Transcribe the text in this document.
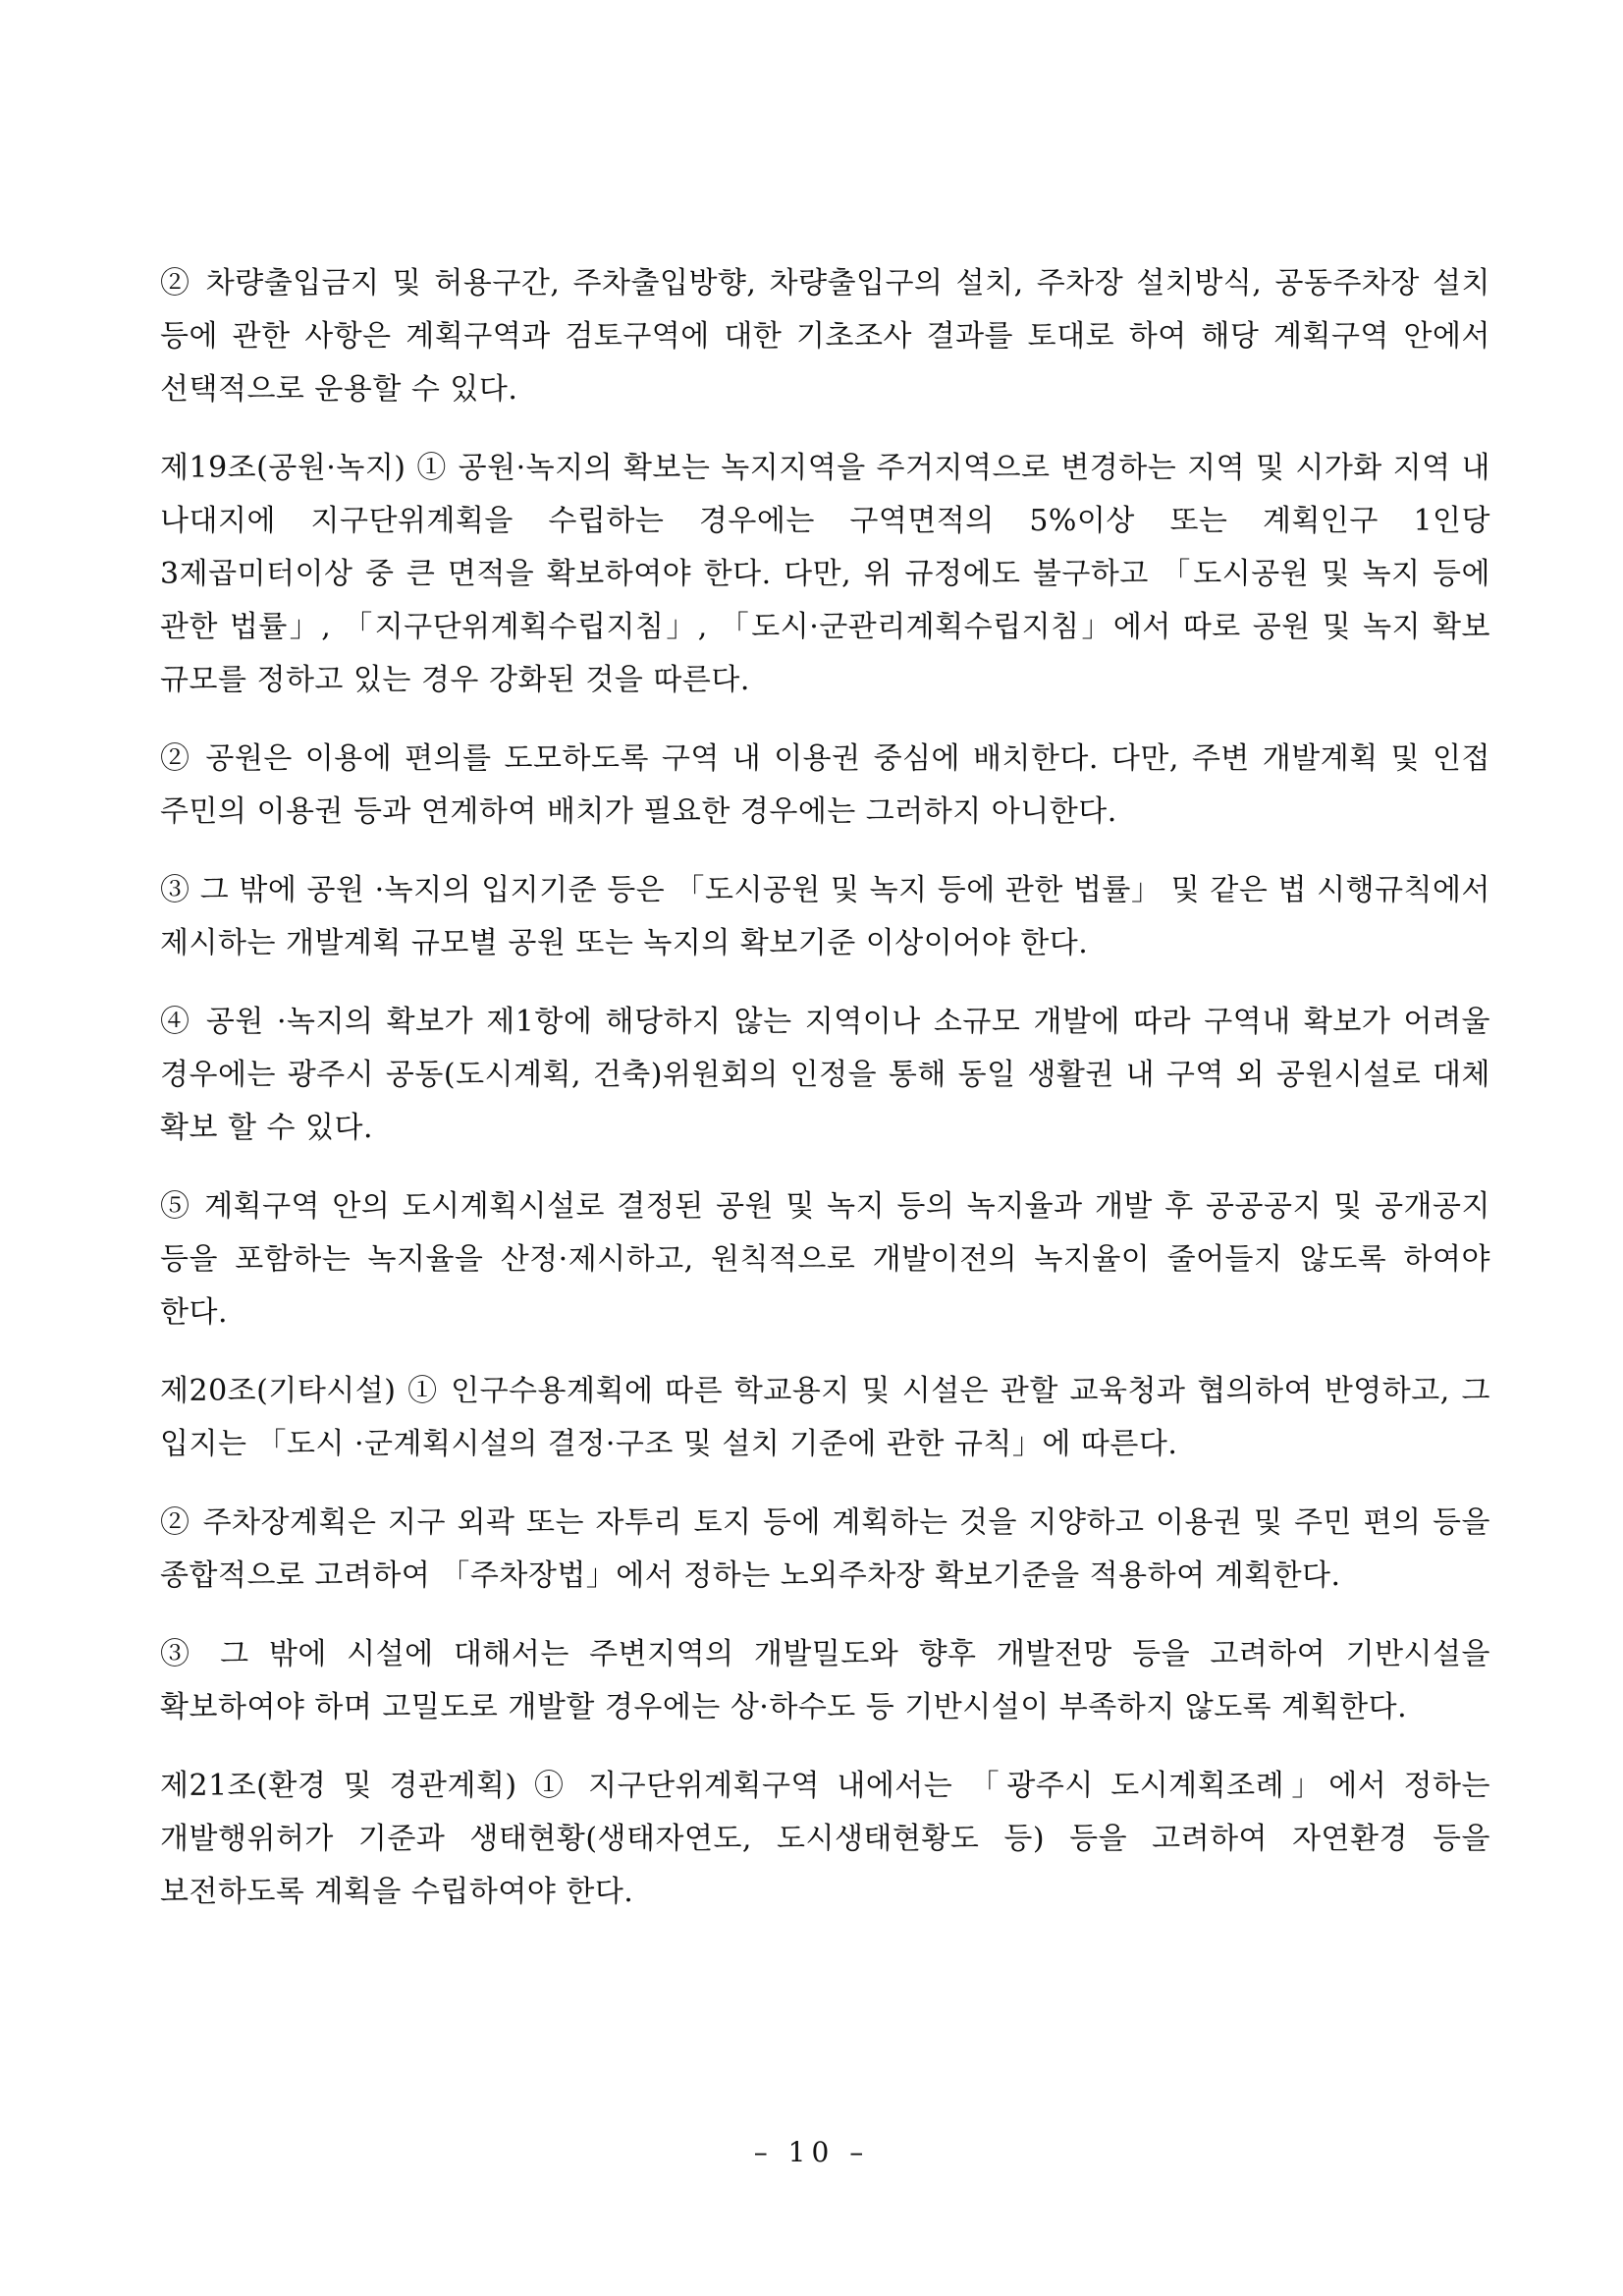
② 차량출입금지 및 허용구간, 주차출입방향, 차량출입구의 설치, 주차장 설치방식, 공동주차장 설치 등에 관한 사항은 계획구역과 검토구역에 대한 기초조사 결과를 토대로 하여 해당 계획구역 안에서 선택적으로 운용할 수 있다.

제19조(공원·녹지) ① 공원·녹지의 확보는 녹지지역을 주거지역으로 변경하는 지역 및 시가화 지역 내 나대지에 지구단위계획을 수립하는 경우에는 구역면적의 5%이상 또는 계획인구 1인당 3제곱미터이상 중 큰 면적을 확보하여야 한다. 다만, 위 규정에도 불구하고 「도시공원 및 녹지 등에 관한 법률」, 「지구단위계획수립지침」, 「도시·군관리계획수립지침」에서 따로 공원 및 녹지 확보 규모를 정하고 있는 경우 강화된 것을 따른다.

② 공원은 이용에 편의를 도모하도록 구역 내 이용권 중심에 배치한다. 다만, 주변 개발계획 및 인접 주민의 이용권 등과 연계하여 배치가 필요한 경우에는 그러하지 아니한다.

③ 그 밖에 공원 ·녹지의 입지기준 등은 「도시공원 및 녹지 등에 관한 법률」 및 같은 법 시행규칙에서 제시하는 개발계획 규모별 공원 또는 녹지의 확보기준 이상이어야 한다.

④ 공원 ·녹지의 확보가 제1항에 해당하지 않는 지역이나 소규모 개발에 따라 구역내 확보가 어려울 경우에는 광주시 공동(도시계획, 건축)위원회의 인정을 통해 동일 생활권 내 구역 외 공원시설로 대체 확보 할 수 있다.

⑤ 계획구역 안의 도시계획시설로 결정된 공원 및 녹지 등의 녹지율과 개발 후 공공공지 및 공개공지 등을 포함하는 녹지율을 산정·제시하고, 원칙적으로 개발이전의 녹지율이 줄어들지 않도록 하여야 한다.

제20조(기타시설) ① 인구수용계획에 따른 학교용지 및 시설은 관할 교육청과 협의하여 반영하고, 그 입지는 「도시 ·군계획시설의 결정·구조 및 설치 기준에 관한 규칙」에 따른다.

② 주차장계획은 지구 외곽 또는 자투리 토지 등에 계획하는 것을 지양하고 이용권 및 주민 편의 등을 종합적으로 고려하여 「주차장법」에서 정하는 노외주차장 확보기준을 적용하여 계획한다.

③ 그 밖에 시설에 대해서는 주변지역의 개발밀도와 향후 개발전망 등을 고려하여 기반시설을 확보하여야 하며 고밀도로 개발할 경우에는 상·하수도 등 기반시설이 부족하지 않도록 계획한다.

제21조(환경 및 경관계획) ① 지구단위계획구역 내에서는 「광주시 도시계획조례」에서 정하는 개발행위허가 기준과 생태현황(생태자연도, 도시생태현황도 등) 등을 고려하여 자연환경 등을 보전하도록 계획을 수립하여야 한다.

– 10 –
